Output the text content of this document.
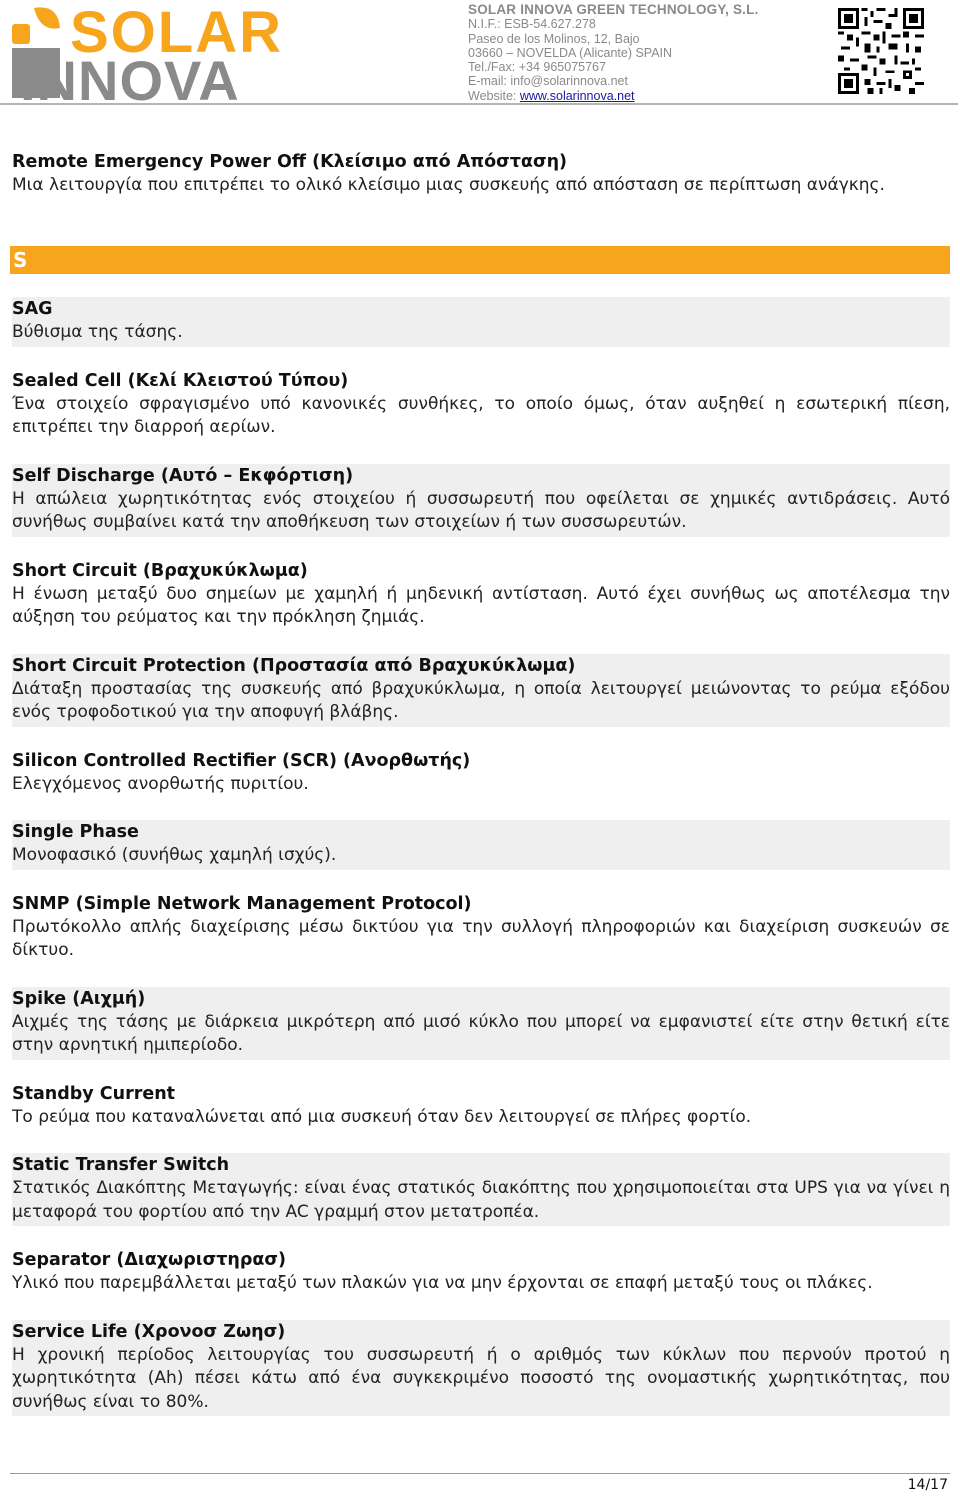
SOLAR
INNOVA
SOLAR INNOVA GREEN TECHNOLOGY, S.L.
N.I.F.: ESB-54.627.278
Paseo de los Molinos, 12, Bajo
03660 – NOVELDA (Alicante) SPAIN
Tel./Fax: +34 965075767
E-mail: info@solarinnova.net
Website: www.solarinnova.net
Remote Emergency Power Off (Κλείσιμο από Απόσταση)
Μια λειτουργία που επιτρέπει το ολικό κλείσιμο μιας συσκευής από απόσταση σε περίπτωση ανάγκης.
S
SAG
Βύθισμα της τάσης.
Sealed Cell (Κελί Κλειστού Τύπου)
Ένα στοιχείο σφραγισμένο υπό κανονικές συνθήκες, το οποίο όμως, όταν αυξηθεί η εσωτερική πίεση, επιτρέπει την διαρροή αερίων.
Self Discharge (Αυτό – Εκφόρτιση)
Η απώλεια χωρητικότητας ενός στοιχείου ή συσσωρευτή που οφείλεται σε χημικές αντιδράσεις. Αυτό συνήθως συμβαίνει κατά την αποθήκευση των στοιχείων ή των συσσωρευτών.
Short Circuit (Βραχυκύκλωμα)
Η ένωση μεταξύ δυο σημείων με χαμηλή ή μηδενική αντίσταση. Αυτό έχει συνήθως ως αποτέλεσμα την αύξηση του ρεύματος και την πρόκληση ζημιάς.
Short Circuit Protection (Προστασία από Βραχυκύκλωμα)
Διάταξη προστασίας της συσκευής από βραχυκύκλωμα, η οποία λειτουργεί μειώνοντας το ρεύμα εξόδου ενός τροφοδοτικού για την αποφυγή βλάβης.
Silicon Controlled Rectifier (SCR) (Ανορθωτής)
Ελεγχόμενος ανορθωτής πυριτίου.
Single Phase
Μονοφασικό (συνήθως χαμηλή ισχύς).
SNMP (Simple Network Management Protocol)
Πρωτόκολλο απλής διαχείρισης μέσω δικτύου για την συλλογή πληροφοριών και διαχείριση συσκευών σε δίκτυο.
Spike (Αιχμή)
Αιχμές της τάσης με διάρκεια μικρότερη από μισό κύκλο που μπορεί να εμφανιστεί είτε στην θετική είτε στην αρνητική ημιπερίοδο.
Standby Current
Το ρεύμα που καταναλώνεται από μια συσκευή όταν δεν λειτουργεί σε πλήρες φορτίο.
Static Transfer Switch
Στατικός Διακόπτης Μεταγωγής: είναι ένας στατικός διακόπτης που χρησιμοποιείται στα UPS για να γίνει η μεταφορά του φορτίου από την AC γραμμή στον μετατροπέα.
Separator (Διαχωριστηρασ)
Υλικό που παρεμβάλλεται μεταξύ των πλακών για να μην έρχονται σε επαφή μεταξύ τους οι πλάκες.
Service Life (Χρονοσ Ζωησ)
Η χρονική περίοδος λειτουργίας του συσσωρευτή ή ο αριθμός των κύκλων που περνούν προτού η χωρητικότητα (Ah) πέσει κάτω από ένα συγκεκριμένο ποσοστό της ονομαστικής χωρητικότητας, που συνήθως είναι το 80%.
14/17
